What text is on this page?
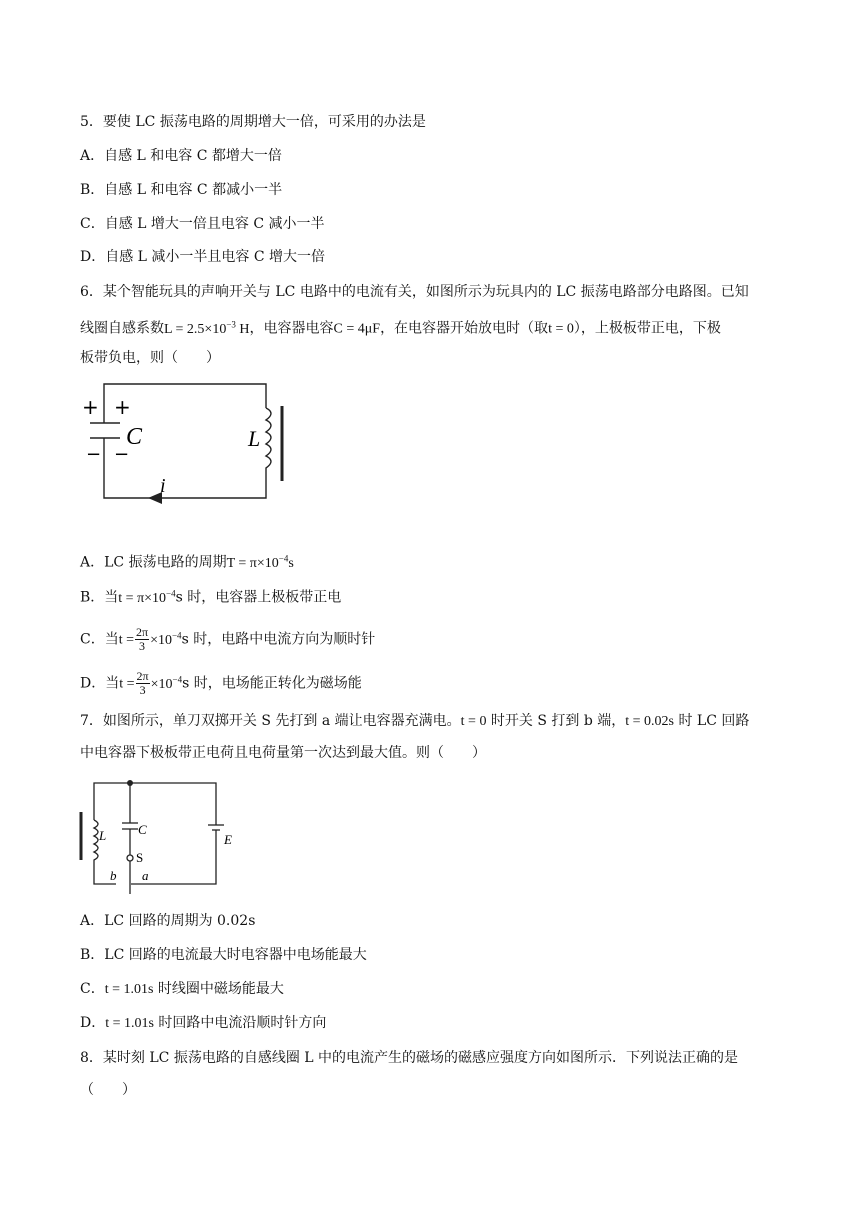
5．要使 LC 振荡电路的周期增大一倍，可采用的办法是
A．自感 L 和电容 C 都增大一倍
B．自感 L 和电容 C 都减小一半
C．自感 L 增大一倍且电容 C 减小一半
D．自感 L 减小一半且电容 C 增大一倍
6．某个智能玩具的声响开关与 LC 电路中的电流有关，如图所示为玩具内的 LC 振荡电路部分电路图。已知
线圈自感系数$L = 2.5\times 10^{-3}$ H，电容器电容C = 4μF，在电容器开始放电时（取t = 0），上极板带正电，下极
板带负电，则（　　）
+ +
C
− −
L
i
A．LC 振荡电路的周期$T = \pi\times 10^{-4}s$
B．当$t = \pi\times 10^{-4}s$ 时，电容器上极板带正电
C．当$t = \frac{2\pi}{3} \times 10^{-4}s$ 时，电路中电流方向为顺时针
D．当$t = \frac{2\pi}{3} \times 10^{-4}s$ 时，电场能正转化为磁场能
7．如图所示，单刀双掷开关 S 先打到 a 端让电容器充满电。t = 0 时开关 S 打到 b 端，t = 0.02s 时 LC 回路
中电容器下极板带正电荷且电荷量第一次达到最大值。则（　　）
L C
S
E
b a
A．LC 回路的周期为 0.02s
B．LC 回路的电流最大时电容器中电场能最大
C．t = 1.01s 时线圈中磁场能最大
D．t = 1.01s 时回路中电流沿顺时针方向
8．某时刻 LC 振荡电路的自感线圈 L 中的电流产生的磁场的磁感应强度方向如图所示．下列说法正确的是
（　　）
